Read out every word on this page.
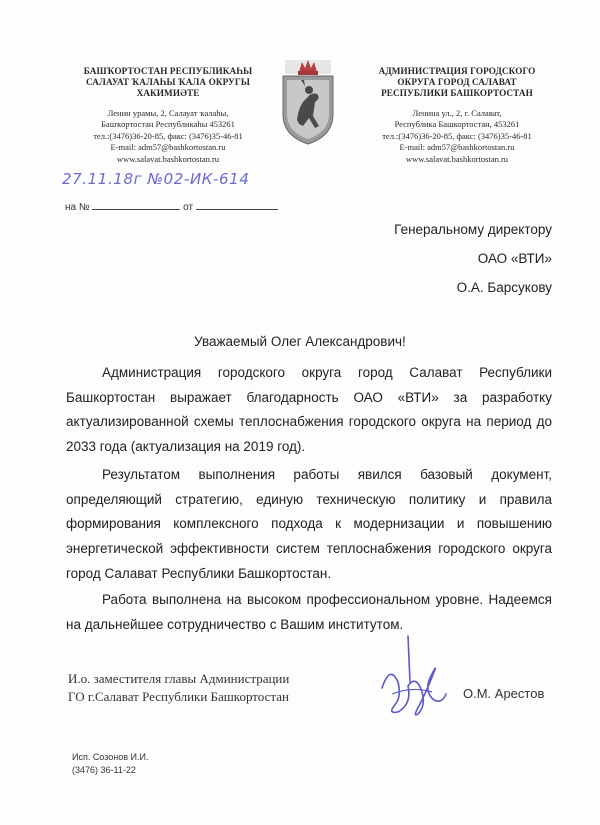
БАШҠОРТОСТАН РЕСПУБЛИКАҺЫ
САЛАУАТ ҠАЛАҺЫ ҠАЛА ОКРУГЫ
ХАКИМИӘТЕ
Ленин урамы, 2, Салауат ҡалаһы,
Башҡортостан Республикаһы 453261
тел.:(3476)36-20-85, факс: (3476)35-46-81
E-mail: adm57@bashkortostan.ru
www.salavat.bashkortostan.ru
АДМИНИСТРАЦИЯ ГОРОДСКОГО
ОКРУГА ГОРОД САЛАВАТ
РЕСПУБЛИКИ БАШКОРТОСТАН
Ленина ул., 2, г. Салават,
Республика Башкортостан, 453261
тел.:(3476)36-20-85, факс: (3476)35-46-81
E-mail: adm57@bashkortostan.ru
www.salavat.bashkortostan.ru
27.11.18г №02-ИК-614
на №	от
Генеральному директору
ОАО «ВТИ»
О.А. Барсукову
Уважаемый Олег Александрович!

Администрация городского округа город Салават Республики Башкортостан выражает благодарность ОАО «ВТИ» за разработку актуализированной схемы теплоснабжения городского округа на период до 2033 года (актуализация на 2019 год).

Результатом выполнения работы явился базовый документ, определяющий стратегию, единую техническую политику и правила формирования комплексного подхода к модернизации и повышению энергетической эффективности систем теплоснабжения городского округа город Салават Республики Башкортостан.

Работа выполнена на высоком профессиональном уровне. Надеемся на дальнейшее сотрудничество с Вашим институтом.

И.о. заместителя главы Администрации
ГО г.Салават Республики Башкортостан	О.М. Арестов
Исп. Созонов И.И.
(3476) 36-11-22
